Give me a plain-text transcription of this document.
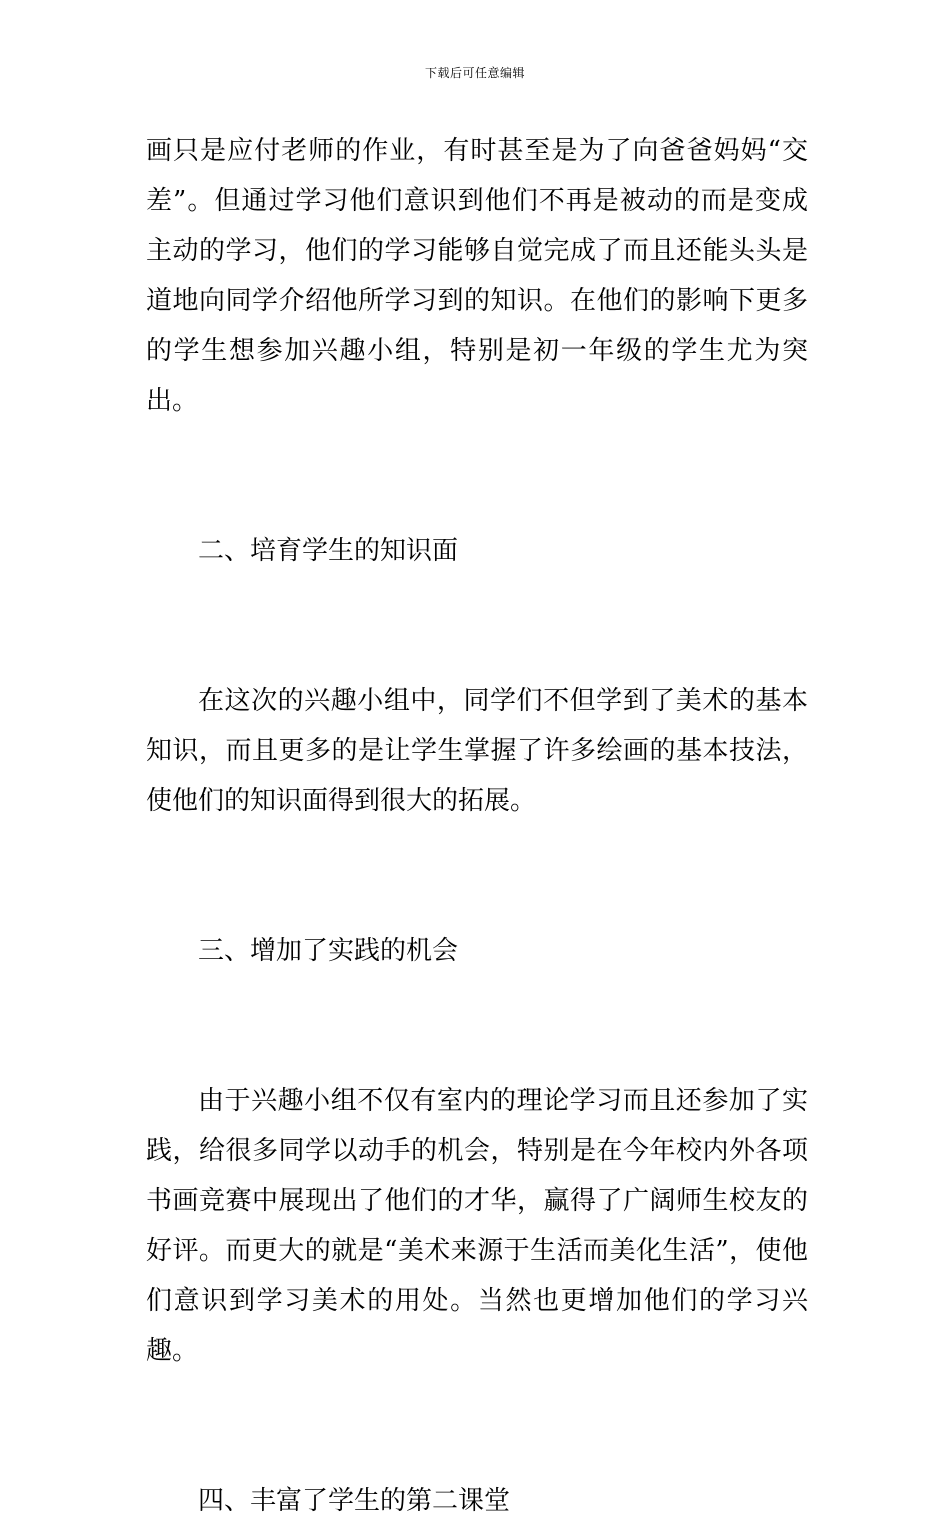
下载后可任意编辑

画只是应付老师的作业，有时甚至是为了向爸爸妈妈“交差”。但通过学习他们意识到他们不再是被动的而是变成主动的学习，他们的学习能够自觉完成了而且还能头头是道地向同学介绍他所学习到的知识。在他们的影响下更多的学生想参加兴趣小组，特别是初一年级的学生尤为突出。

二、培育学生的知识面

在这次的兴趣小组中，同学们不但学到了美术的基本知识，而且更多的是让学生掌握了许多绘画的基本技法，使他们的知识面得到很大的拓展。

三、增加了实践的机会

由于兴趣小组不仅有室内的理论学习而且还参加了实践，给很多同学以动手的机会，特别是在今年校内外各项书画竞赛中展现出了他们的才华，赢得了广阔师生校友的好评。而更大的就是“美术来源于生活而美化生活”，使他们意识到学习美术的用处。当然也更增加他们的学习兴趣。

四、丰富了学生的第二课堂
